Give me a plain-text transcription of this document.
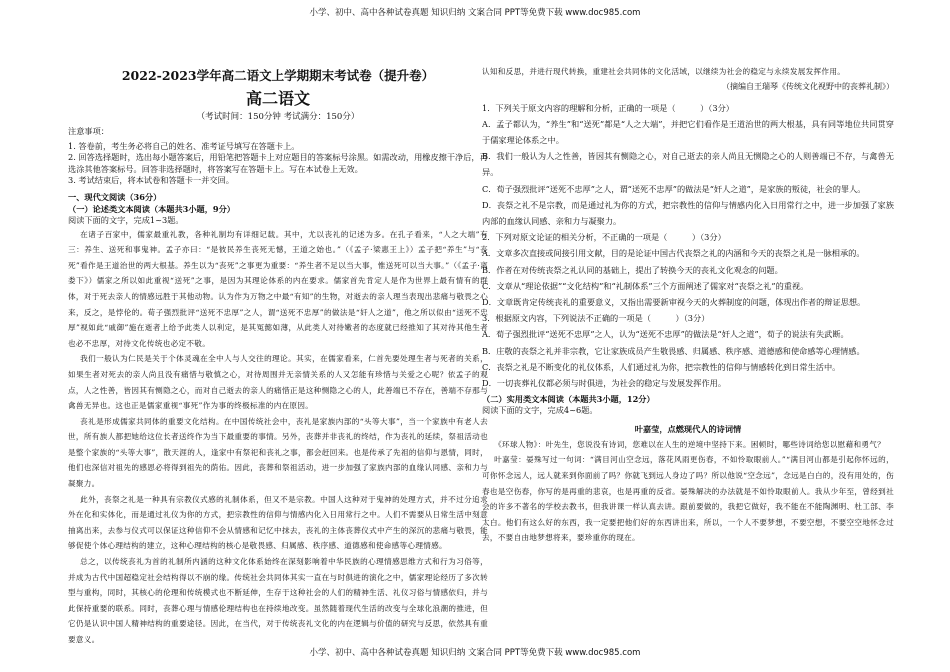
小学、初中、高中各种试卷真题 知识归纳 文案合同 PPT等免费下载 www.doc985.com
2022-2023学年高二语文上学期期末考试卷（提升卷）
高二语文
（考试时间：150分钟 考试满分：150分）

注意事项：

1. 答卷前，考生务必将自己的姓名、准考证号填写在答题卡上。

2. 回答选择题时，选出每小题答案后，用铅笔把答题卡上对应题目的答案标号涂黑。如需改动，用橡皮擦干净后，再选涂其他答案标号。回答非选择题时，将答案写在答题卡上。写在本试卷上无效。

3. 考试结束后，将本试卷和答题卡一并交回。

一、现代文阅读（36分）

（一）论述类文本阅读（本题共3小题，9分）

阅读下面的文字，完成1~3题。

在诸子百家中，儒家最重礼教，各种礼制均有详细记载。其中，尤以丧礼的记述为多。在孔子看来，“人之大端”有三：养生、送死和事鬼神。孟子亦曰：“是彼民养生丧死无憾，王道之始也。”（《孟子·梁惠王上》）孟子把“养生”与“丧死”看作是王道治世的两大根基。养生以为“丧死”之事更为重要：“养生者不足以当大事，惟送死可以当大事。”（《孟子·离娄下》）儒家之所以如此重视“送死”之事，是因为其理论体系的内在要求。儒家首先肯定人是作为世界上最有情有的群体，对于死去亲人的情感远胜于其他动物。认为作为万物之中最“有知”的生物，对逝去的亲人理当表现出悲痛与敬畏之心来，反之，是悖伦的。荀子强烈批评“送死不忠厚”之人，谓“送死不忠厚”的做法是“奸人之道”，他之所以似由“送死不忠厚”视如此“戚御”施在逝者上给予此类人以利定，是其冤懿如薄，从此类人对待嫩者的态度就已经推知了其对待其他生者也必不忠厚，对待文化传统也必定不敬。

我们一般认为仁民是关于个体灵魂在全中人与人交往的理论。其实，在儒家看来，仁首先要处理生者与死者的关系，如果生者对死去的亲人尚且没有痛惜与敬慎之心，对待周围并无亲情关系的人又怎能有珍惜与关爱之心呢？依孟子的观点，人之性善，皆因其有恻隐之心，而对自己逝去的亲人的痛惜正是这种恻隐之心的人，此善端已不存在，善端不存那与禽兽无异也。这也正是儒家重视“事死”作为事的终极标准的内在原因。

丧礼是形成儒家共同体的重要文化结构。在中国传统社会中，丧礼是家族内部的“头等大事”，当一个家族中有老人去世，所有族人都把她给这位长者送终作为当下最重要的事情。另外，丧葬并非丧礼的终结，作为丧礼的延续，祭祖活动也是整个家族的“头等大事”，散天涯的人，逢家中有祭祀和丧礼之事，都会赶回来。也是传承了先祖的信仰与恩情，同时，他们也深信对祖先的感恩必将得到祖先的荫佑。因此，丧葬和祭祖活动，进一步加强了家族内部的血缘认同感、亲和力与凝聚力。

此外，丧祭之礼是一种具有宗教仪式感的礼制体系，但又不是宗教。中国人这种对于鬼神的处理方式，并不过分追求外在化和实体化，而是通过礼仪为你的方式，把宗教性的信仰与情感内化入日用常行之中。人们不需要从日常生活中刻意抽离出来，去参与仪式可以保证这种信仰不会从情感和记忆中抹去，丧礼的主体丧葬仪式中产生的深沉的悲痛与敬畏，能够促使个体心理结构的建立，这种心理结构的核心是敬畏感、归属感、秩序感、道德感和使命感等心理情感。

总之，以传统丧礼为首的礼制所内涵的这种文化体系始终在深刻影响着中华民族的心理情感思维方式和行为习俗等，并成为古代中国超稳定社会结构得以不崩的缘。传统社会共同体其实一直在与时俱进的演化之中，儒家理论经历了多次转型与重构，同时，其核心的伦理和传统模式也不断延伸，生存于这种社会的人们的精神生活、礼仪习俗与情感依归，并与此保持重要的联系。同时，丧葬心理与情感伦理结构也在持续地改变。虽然随着现代生活的改变与全球化浪潮的推进，但它仍是认识中国人精神结构的重要途径。因此，在当代，对于传统丧礼文化的内在逻辑与价值的研究与反思，依然具有重要意义。

认知和反思，并进行现代转换，重建社会共同体的文化活域，以继续为社会的稳定与永续发展发挥作用。

（摘编自王瑞琴《传统文化视野中的丧葬礼制》）

1．下列关于原文内容的理解和分析，正确的一项是（　　　）（3分）

A．孟子都认为，“养生”和“送死”都是“人之大端”，并把它们看作是王道治世的两大根基，具有同等地位共同贯穿于儒家理论体系之中。

B．我们一般认为人之性善，皆因其有恻隐之心，对自己逝去的亲人尚且无恻隐之心的人则善端已不存，与禽兽无异。

C．荀子强烈批评“送死不忠厚”之人，谓“送死不忠厚”的做法是“奸人之道”，是家族的叛徒，社会的罪人。

D．丧祭之礼不是宗教，而是通过礼为你的方式，把宗教性的信仰与情感内化入日用常行之中，进一步加强了家族内部的血缘认同感、亲和力与凝聚力。

2．下列对原文论证的相关分析，不正确的一项是（　　　）（3分）

A．文章多次直接或间接引用文献，目的是论证中国古代丧祭之礼的内涵和今天的丧祭之礼是一脉相承的。

B．作者在对传统丧祭之礼认同的基础上，提出了转换今天的丧礼文化观念的问题。

C．文章从“理论依据”“文化结构”和“礼制体系”三个方面阐述了儒家对“丧祭之礼”的重视。

D．文章既肯定传统丧礼的重要意义，又指出需要新审视今天的火葬制度的问题，体现出作者的辩证思想。

3．根据原文内容，下列说法不正确的一项是（　　　）（3分）

A．荀子强烈批评“送死不忠厚”之人，认为“送死不忠厚”的做法是“奸人之道”，荀子的说法有失武断。

B．庄敬的丧祭之礼并非宗教，它让家族成员产生敬畏感、归属感、秩序感、道德感和使命感等心理情感。

C．丧祭之礼是不断变化的礼仪体系，人们通过礼为你，把宗教性的信仰与情感转化到日常生活中。

D．一切丧葬礼仪都必须与时俱进，为社会的稳定与发展发挥作用。

（二）实用类文本阅读（本题共3小题，12分）

阅读下面的文字，完成4~6题。

叶嘉莹，点燃现代人的诗词情

《环球人物》：叶先生，您说没有诗词，您难以在人生的逆境中坚持下来。困顿时，哪些诗词给您以慰藉和勇气？

叶嘉莹：晏殊写过一句词：“满目河山空念远，落花风雨更伤春，不如怜取眼前人。”“满目河山都是引起你怀远的，可你怀念远人，远人就来到你面前了吗？你就飞到远人身边了吗？所以他说“空念远”，念远是白白的，没有用处的，伤春也是空伤春，你写的是再重的悲哀，也是再重的反省。晏殊解决的办法就是不如怜取眼前人。我从少年至，曾经到社会的许多不著名的学校去教书，但我讲课一样认真去讲。跟前要做的，我把它做好，我不能在不能陶渊明、杜工部、李太白。他们有这么好的东西，我一定要把他们好的东西讲出来，所以，一个人不要梦想，不要空想，不要空空地怀念过去，不要自由地梦想将来，要珍重你的现在。

小学、初中、高中各种试卷真题 知识归纳 文案合同 PPT等免费下载 www.doc985.com
